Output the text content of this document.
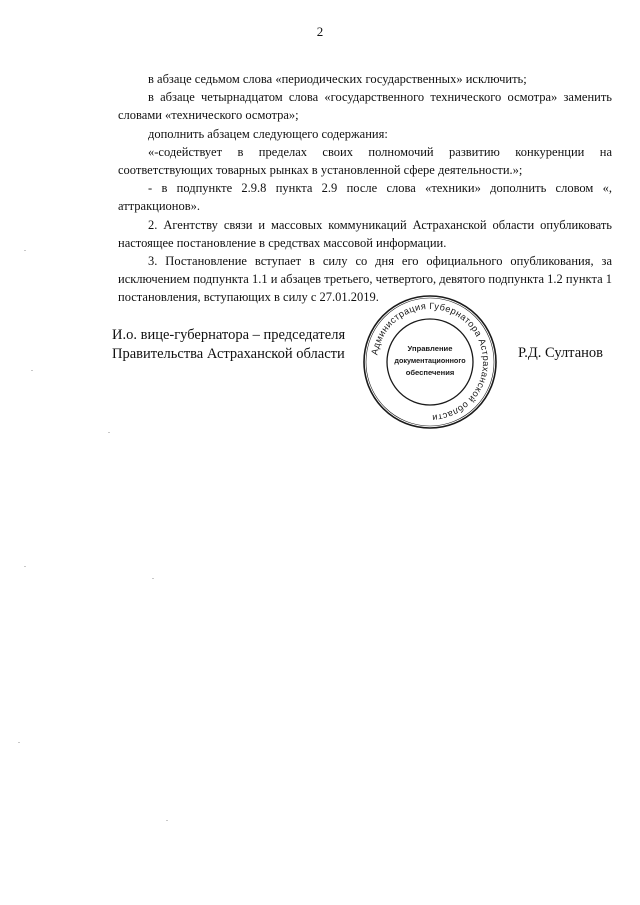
2

в абзаце седьмом слова «периодических государственных» исключить;

в абзаце четырнадцатом слова «государственного технического осмотра» заменить словами «технического осмотра»;

дополнить абзацем следующего содержания:

«-содействует в пределах своих полномочий развитию конкуренции на соответствующих товарных рынках в установленной сфере деятельности.»;

- в подпункте 2.9.8 пункта 2.9 после слова «техники» дополнить словом «, аттракционов».

2. Агентству связи и массовых коммуникаций Астраханской области опубликовать настоящее постановление в средствах массовой информации.

3. Постановление вступает в силу со дня его официального опубликования, за исключением подпункта 1.1 и абзацев третьего, четвертого, девятого подпункта 1.2 пункта 1 постановления, вступающих в силу с 27.01.2019.

И.о. вице-губернатора – председателя
Правительства Астраханской области	Р.Д. Султанов
Администрация Губернатора Астраханской области
Управление
документационного
обеспечения
